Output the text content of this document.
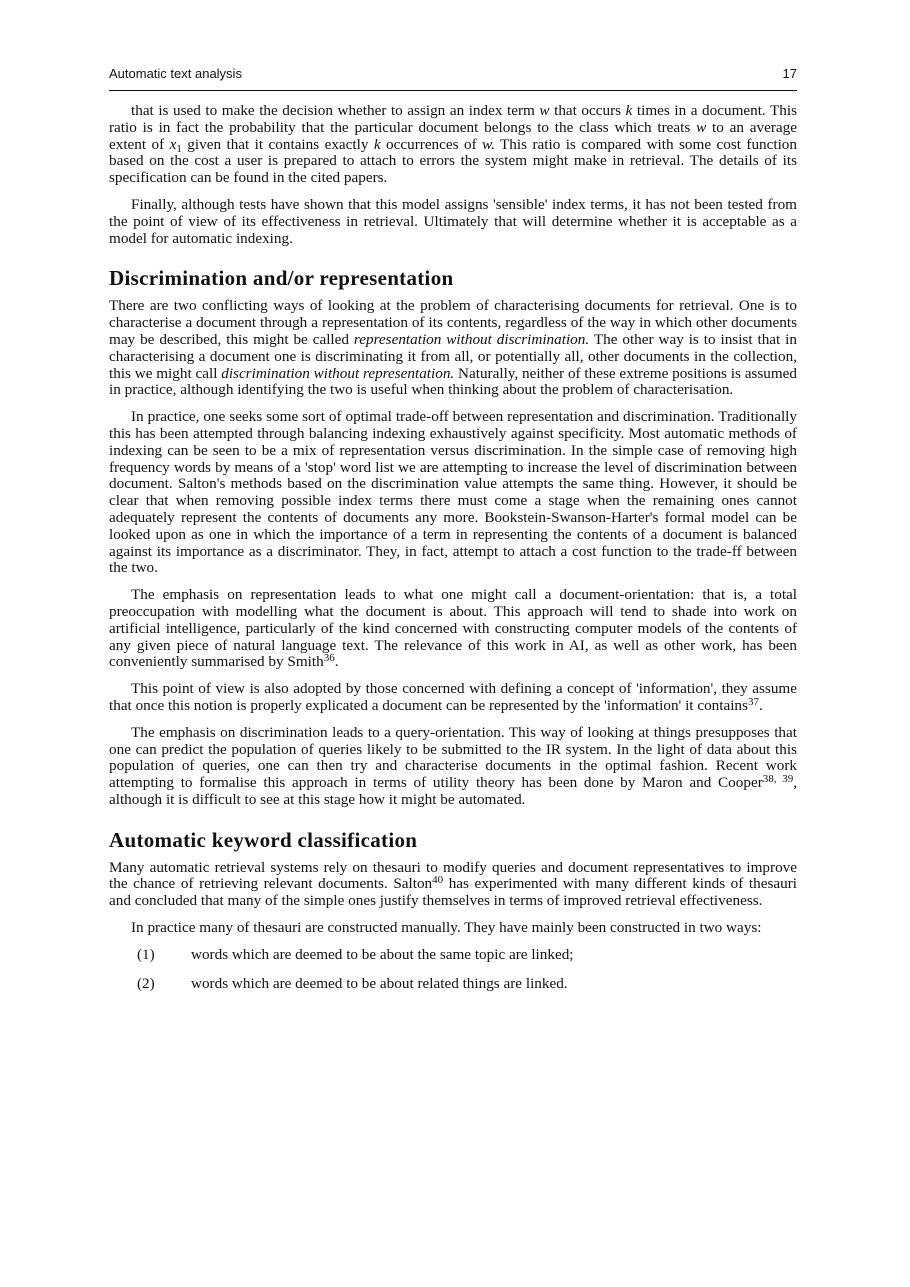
Automatic text analysis	17

that is used to make the decision whether to assign an index term w that occurs k times in a document. This ratio is in fact the probability that the particular document belongs to the class which treats w to an average extent of $x_1$ given that it contains exactly k occurrences of w. This ratio is compared with some cost function based on the cost a user is prepared to attach to errors the system might make in retrieval. The details of its specification can be found in the cited papers.

Finally, although tests have shown that this model assigns 'sensible' index terms, it has not been tested from the point of view of its effectiveness in retrieval. Ultimately that will determine whether it is acceptable as a model for automatic indexing.

Discrimination and/or representation

There are two conflicting ways of looking at the problem of characterising documents for retrieval. One is to characterise a document through a representation of its contents, regardless of the way in which other documents may be described, this might be called representation without discrimination. The other way is to insist that in characterising a document one is discriminating it from all, or potentially all, other documents in the collection, this we might call discrimination without representation. Naturally, neither of these extreme positions is assumed in practice, although identifying the two is useful when thinking about the problem of characterisation.

In practice, one seeks some sort of optimal trade-off between representation and discrimination. Traditionally this has been attempted through balancing indexing exhaustively against specificity. Most automatic methods of indexing can be seen to be a mix of representation versus discrimination. In the simple case of removing high frequency words by means of a 'stop' word list we are attempting to increase the level of discrimination between document. Salton's methods based on the discrimination value attempts the same thing. However, it should be clear that when removing possible index terms there must come a stage when the remaining ones cannot adequately represent the contents of documents any more. Bookstein-Swanson-Harter's formal model can be looked upon as one in which the importance of a term in representing the contents of a document is balanced against its importance as a discriminator. They, in fact, attempt to attach a cost function to the trade-ff between the two.

The emphasis on representation leads to what one might call a document-orientation: that is, a total preoccupation with modelling what the document is about. This approach will tend to shade into work on artificial intelligence, particularly of the kind concerned with constructing computer models of the contents of any given piece of natural language text. The relevance of this work in AI, as well as other work, has been conveniently summarised by Smith$^{36}$.

This point of view is also adopted by those concerned with defining a concept of 'information', they assume that once this notion is properly explicated a document can be represented by the 'information' it contains$^{37}$.

The emphasis on discrimination leads to a query-orientation. This way of looking at things presupposes that one can predict the population of queries likely to be submitted to the IR system. In the light of data about this population of queries, one can then try and characterise documents in the optimal fashion. Recent work attempting to formalise this approach in terms of utility theory has been done by Maron and Cooper$^{38, 39}$, although it is difficult to see at this stage how it might be automated.

Automatic keyword classification

Many automatic retrieval systems rely on thesauri to modify queries and document representatives to improve the chance of retrieving relevant documents. Salton$^{40}$ has experimented with many different kinds of thesauri and concluded that many of the simple ones justify themselves in terms of improved retrieval effectiveness.

In practice many of thesauri are constructed manually. They have mainly been constructed in two ways:

(1)	words which are deemed to be about the same topic are linked;
(2)	words which are deemed to be about related things are linked.
